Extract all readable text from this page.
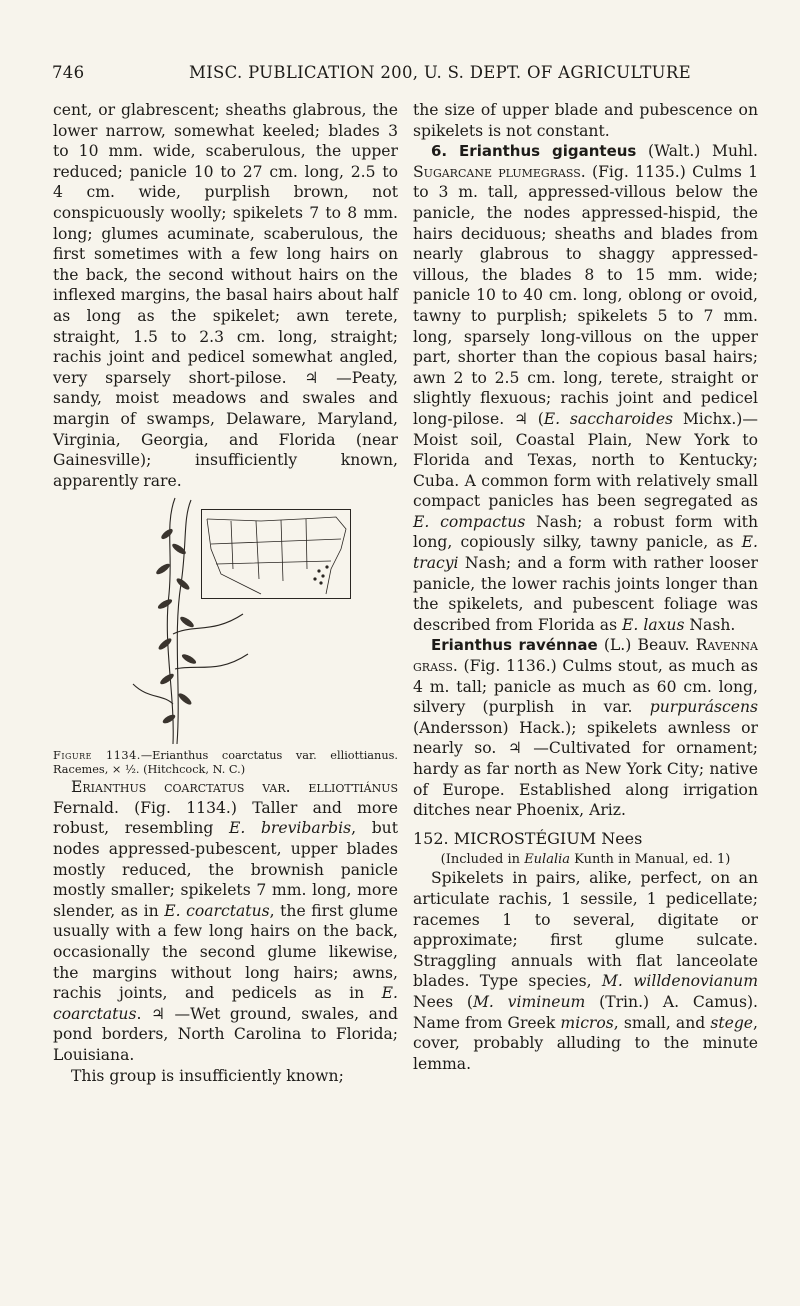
746	MISC. PUBLICATION 200, U. S. DEPT. OF AGRICULTURE

cent, or glabrescent; sheaths glabrous, the lower narrow, somewhat keeled; blades 3 to 10 mm. wide, scaberulous, the upper reduced; panicle 10 to 27 cm. long, 2.5 to 4 cm. wide, purplish brown, not conspicuously woolly; spikelets 7 to 8 mm. long; glumes acuminate, scaberulous, the first sometimes with a few long hairs on the back, the second without hairs on the inflexed margins, the basal hairs about half as long as the spikelet; awn terete, straight, 1.5 to 2.3 cm. long, straight; rachis joint and pedicel somewhat angled, very sparsely short-pilose. ♃ —Peaty, sandy, moist meadows and swales and margin of swamps, Delaware, Maryland, Virginia, Georgia, and Florida (near Gainesville); insufficiently known, apparently rare.

Figure 1134.—Erianthus coarctatus var. elliottianus. Racemes, × ½. (Hitchcock, N. C.)

Erianthus coarctatus var. elliottiánus Fernald. (Fig. 1134.) Taller and more robust, resembling E. brevibarbis, but nodes appressed-pubescent, upper blades mostly reduced, the brownish panicle mostly smaller; spikelets 7 mm. long, more slender, as in E. coarctatus, the first glume usually with a few long hairs on the back, occasionally the second glume likewise, the margins without long hairs; awns, rachis joints, and pedicels as in E. coarctatus. ♃ —Wet ground, swales, and pond borders, North Carolina to Florida; Louisiana.

This group is insufficiently known;

the size of upper blade and pubescence on spikelets is not constant.

6. Erianthus giganteus (Walt.) Muhl. Sugarcane plumegrass. (Fig. 1135.) Culms 1 to 3 m. tall, appressed-villous below the panicle, the nodes appressed-hispid, the hairs deciduous; sheaths and blades from nearly glabrous to shaggy appressed-villous, the blades 8 to 15 mm. wide; panicle 10 to 40 cm. long, oblong or ovoid, tawny to purplish; spikelets 5 to 7 mm. long, sparsely long-villous on the upper part, shorter than the copious basal hairs; awn 2 to 2.5 cm. long, terete, straight or slightly flexuous; rachis joint and pedicel long-pilose. ♃ (E. saccharoides Michx.)—Moist soil, Coastal Plain, New York to Florida and Texas, north to Kentucky; Cuba. A common form with relatively small compact panicles has been segregated as E. compactus Nash; a robust form with long, copiously silky, tawny panicle, as E. tracyi Nash; and a form with rather looser panicle, the lower rachis joints longer than the spikelets, and pubescent foliage was described from Florida as E. laxus Nash.

Erianthus ravénnae (L.) Beauv. Ravenna grass. (Fig. 1136.) Culms stout, as much as 4 m. tall; panicle as much as 60 cm. long, silvery (purplish in var. purpuráscens (Andersson) Hack.); spikelets awnless or nearly so. ♃ —Cultivated for ornament; hardy as far north as New York City; native of Europe. Established along irrigation ditches near Phoenix, Ariz.

152. MICROSTÉGIUM Nees

(Included in Eulalia Kunth in Manual, ed. 1)

Spikelets in pairs, alike, perfect, on an articulate rachis, 1 sessile, 1 pedicellate; racemes 1 to several, digitate or approximate; first glume sulcate. Straggling annuals with flat lanceolate blades. Type species, M. willdenovianum Nees (M. vimineum (Trin.) A. Camus). Name from Greek micros, small, and stege, cover, probably alluding to the minute lemma.
